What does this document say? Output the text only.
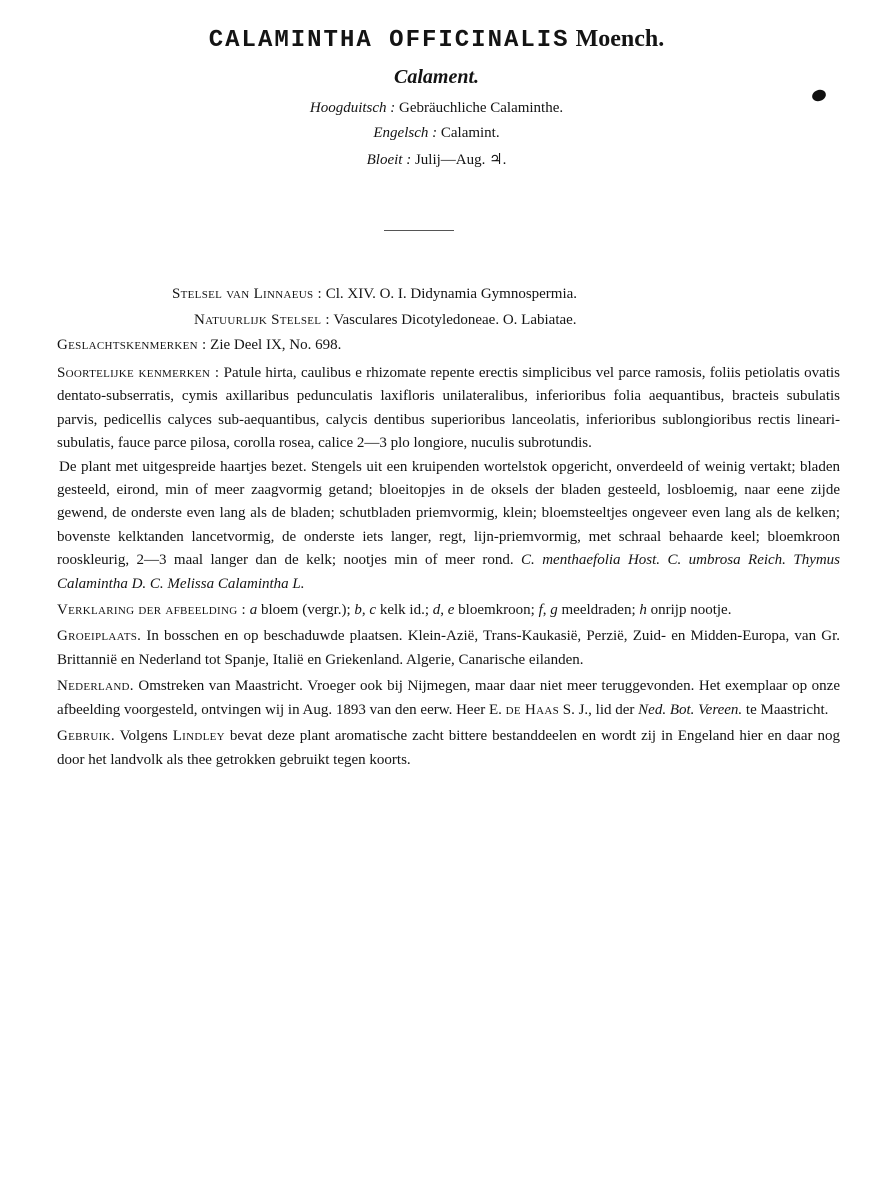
CALAMINTHA OFFICINALIS Moench.
Calament.
Hoogduitsch : Gebräuchliche Calaminthe.
Engelsch : Calamint.
Bloeit : Julij—Aug. ♃.
Stelsel van Linnaeus : Cl. XIV. O. I. Didynamia Gymnospermia.
Natuurlijk Stelsel : Vasculares Dicotyledoneae. O. Labiatae.
Geslachtskenmerken : Zie Deel IX, No. 698.

Soortelijke kenmerken : Patule hirta, caulibus e rhizomate repente erectis simplicibus vel parce ramosis, foliis petiolatis ovatis dentato-subserratis, cymis axillaribus pedunculatis laxifloris unilateralibus, inferioribus folia aequantibus, bracteis subulatis parvis, pedicellis calyces sub-aequantibus, calycis dentibus superioribus lanceolatis, inferioribus sublongioribus rectis lineari-subulatis, fauce parce pilosa, corolla rosea, calice 2—3 plo longiore, nuculis subrotundis.

De plant met uitgespreide haartjes bezet. Stengels uit een kruipenden wortelstok opgericht, onverdeeld of weinig vertakt; bladen gesteeld, eirond, min of meer zaagvormig getand; bloeitopjes in de oksels der bladen gesteeld, losbloemig, naar eene zijde gewend, de onderste even lang als de bladen; schutbladen priemvormig, klein; bloemsteeltjes ongeveer even lang als de kelken; bovenste kelktanden lancetvormig, de onderste iets langer, regt, lijn-priemvormig, met schraal behaarde keel; bloemkroon rooskleurig, 2—3 maal langer dan de kelk; nootjes min of meer rond. C. menthaefolia Host. C. umbrosa Reich. Thymus Calamintha D. C. Melissa Calamintha L.

Verklaring der afbeelding : a bloem (vergr.); b, c kelk id.; d, e bloemkroon; f, g meeldraden; h onrijp nootje.

Groeiplaats. In bosschen en op beschaduwde plaatsen. Klein-Azië, Trans-Kaukasië, Perzië, Zuid- en Midden-Europa, van Gr. Brittannië en Nederland tot Spanje, Italië en Griekenland. Algerie, Canarische eilanden.

Nederland. Omstreken van Maastricht. Vroeger ook bij Nijmegen, maar daar niet meer teruggevonden. Het exemplaar op onze afbeelding voorgesteld, ontvingen wij in Aug. 1893 van den eerw. Heer E. de Haas S. J., lid der Ned. Bot. Vereen. te Maastricht.

Gebruik. Volgens Lindley bevat deze plant aromatische zacht bittere bestanddeelen en wordt zij in Engeland hier en daar nog door het landvolk als thee getrokken gebruikt tegen koorts.
